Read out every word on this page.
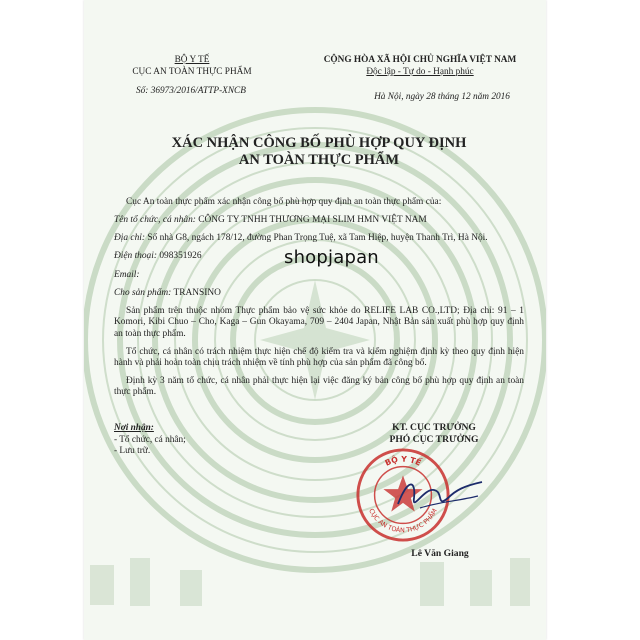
BỘ Y TẾ
CỤC AN TOÀN THỰC PHẨM
Số: 36973/2016/ATTP-XNCB
CỘNG HÒA XÃ HỘI CHỦ NGHĨA VIỆT NAM
Độc lập - Tự do - Hạnh phúc
Hà Nội, ngày 28 tháng 12 năm 2016
XÁC NHẬN CÔNG BỐ PHÙ HỢP QUY ĐỊNH
AN TOÀN THỰC PHẨM

Cục An toàn thực phẩm xác nhận công bố phù hợp quy định an toàn thực phẩm của:

Tên tổ chức, cá nhân: CÔNG TY TNHH THƯƠNG MẠI SLIM HMN VIỆT NAM
Địa chỉ: Số nhà G8, ngách 178/12, đường Phan Trọng Tuệ, xã Tam Hiệp, huyện Thanh Trì, Hà Nội.
Điện thoại: 098351926
Email:
Cho sản phẩm: TRANSINO

Sản phẩm trên thuộc nhóm Thực phẩm bảo vệ sức khỏe do RELIFE LAB CO.,LTD; Địa chỉ: 91 – 1 Komori, Kibi Chuo – Cho, Kaga – Gun Okayama, 709 – 2404 Japan, Nhật Bản sản xuất phù hợp quy định an toàn thực phẩm.

Tổ chức, cá nhân có trách nhiệm thực hiện chế độ kiểm tra và kiểm nghiệm định kỳ theo quy định hiện hành và phải hoàn toàn chịu trách nhiệm về tính phù hợp của sản phẩm đã công bố.

Định kỳ 3 năm tổ chức, cá nhân phải thực hiện lại việc đăng ký bản công bố phù hợp quy định an toàn thực phẩm.

Nơi nhận:
- Tổ chức, cá nhân;
- Lưu trữ.
KT. CỤC TRƯỞNG
PHÓ CỤC TRƯỞNG
BỘ Y TẾ
CỤC AN TOÀN THỰC PHẨM
Lê Văn Giang
shopjapan
